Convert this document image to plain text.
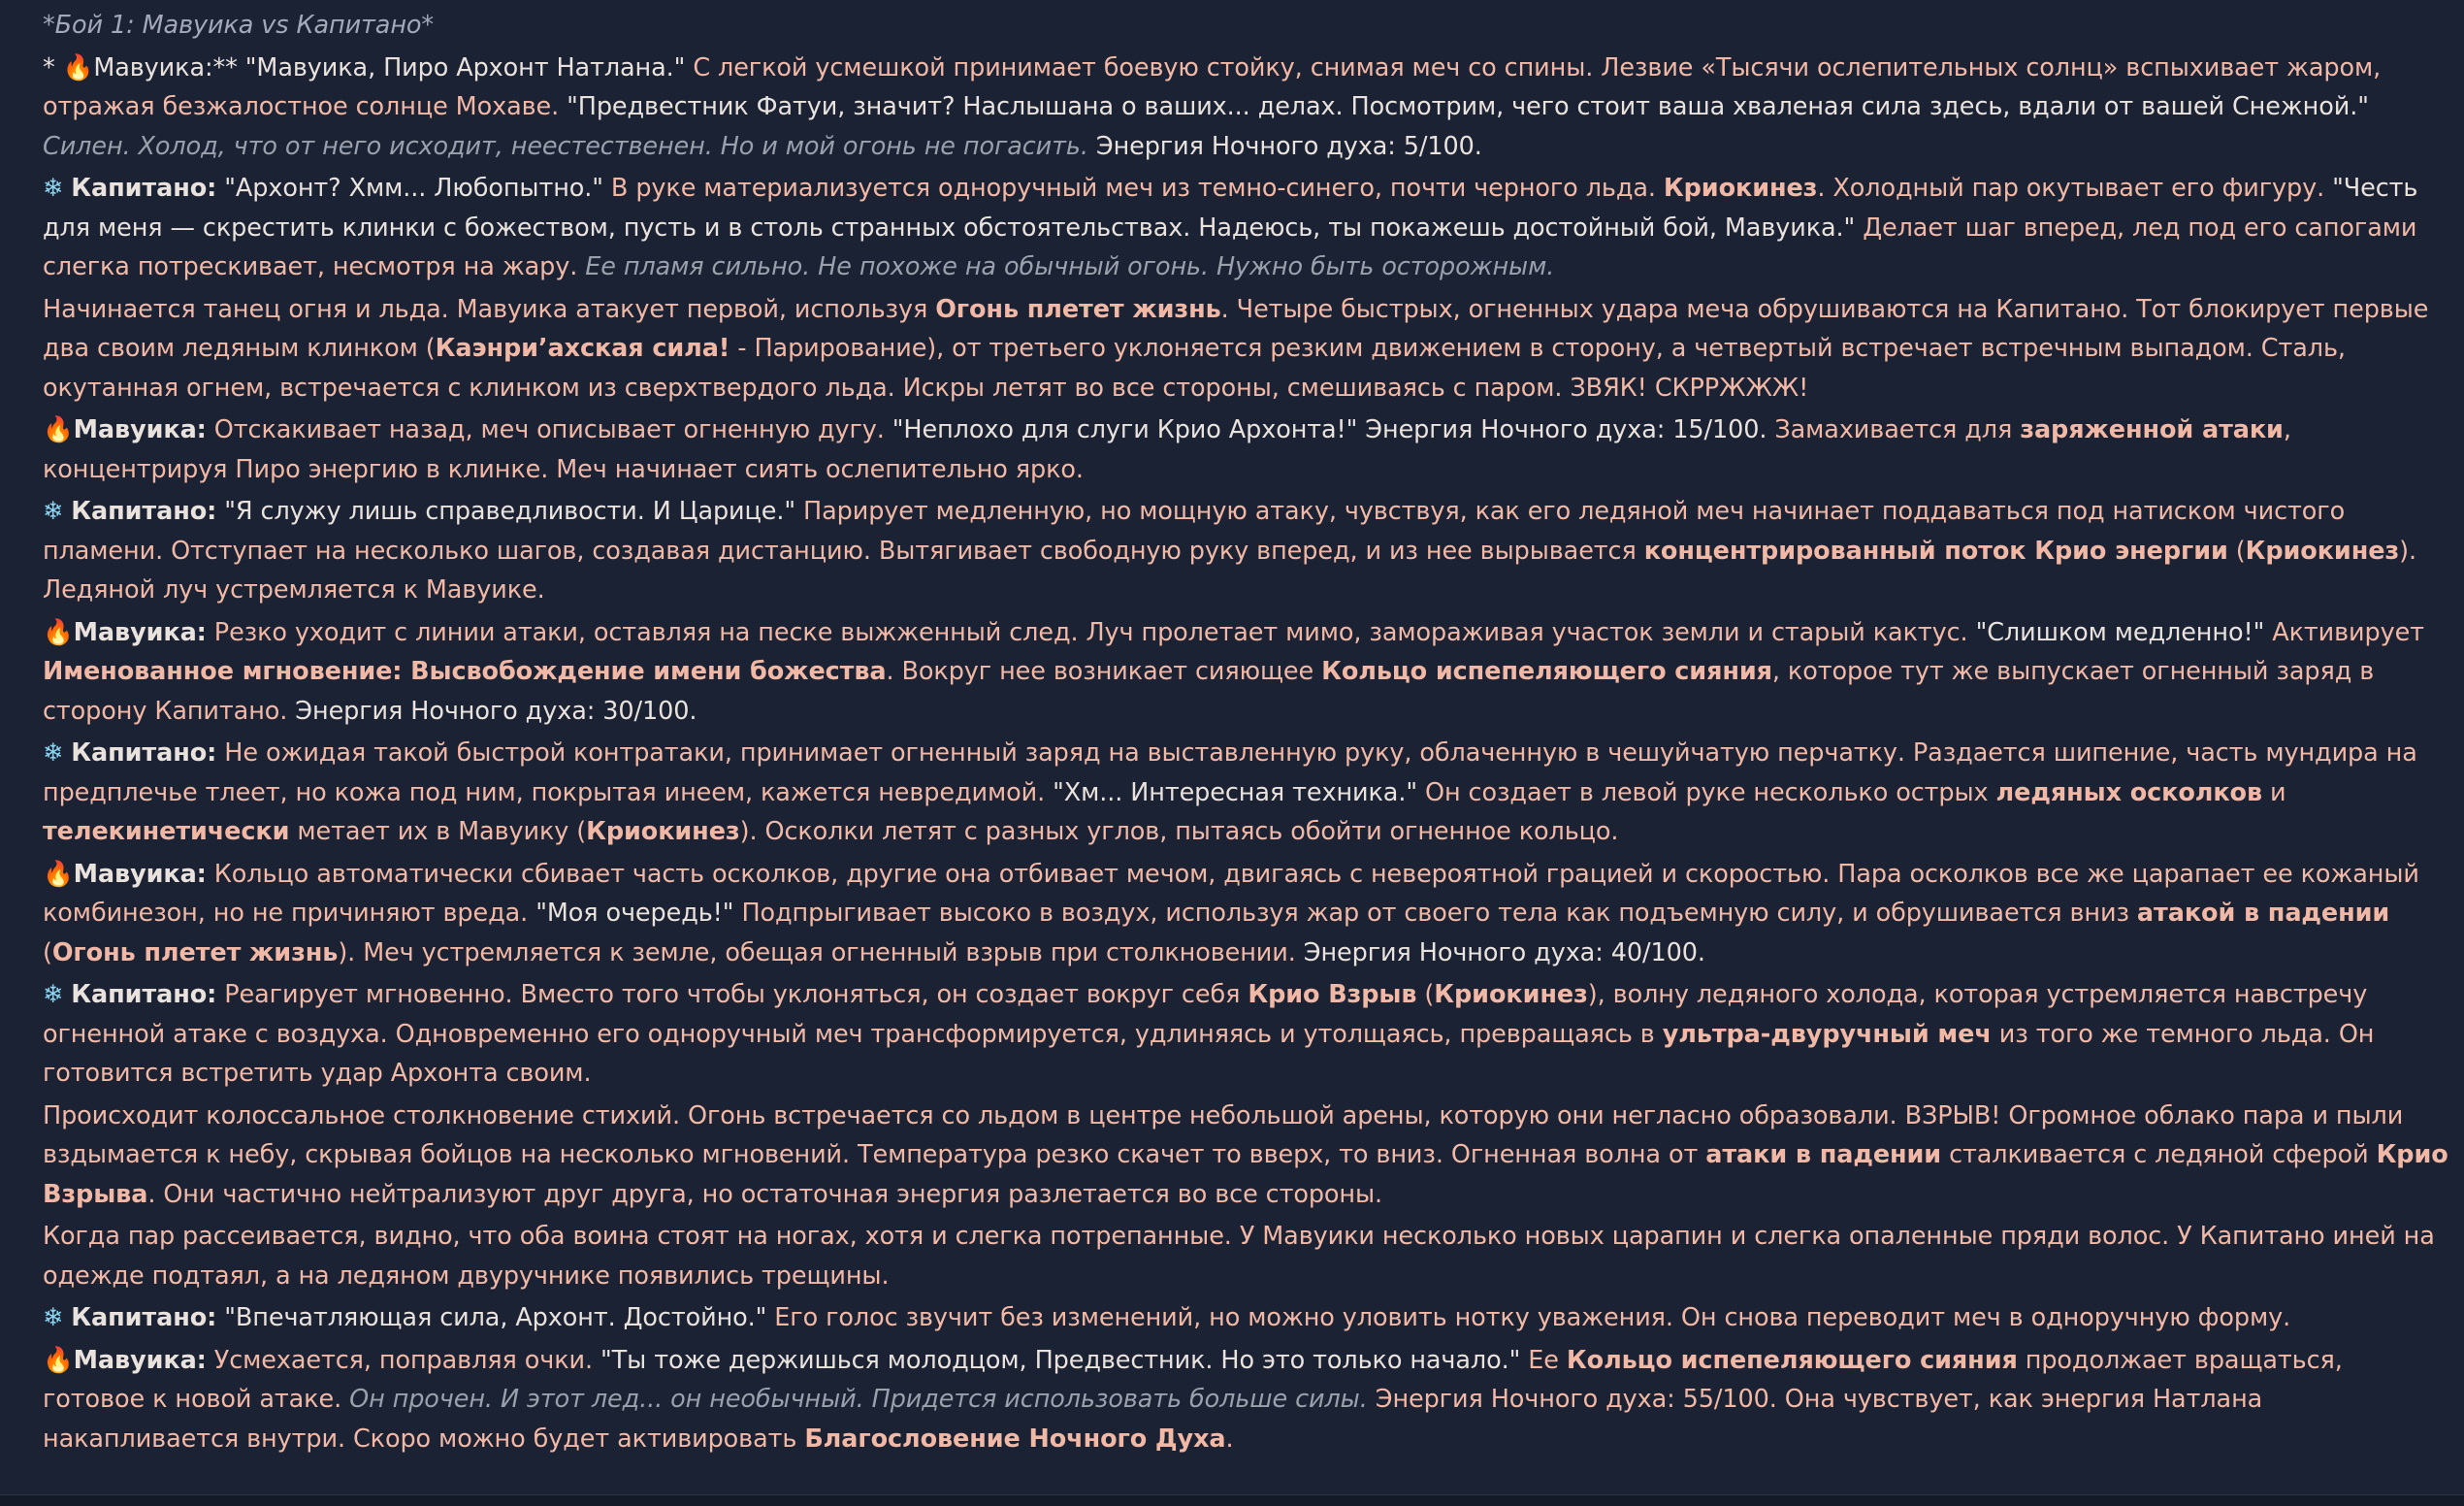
*Бой 1: Мавуика vs Капитано*

* 🔥Мавуика:** "Мавуика, Пиро Архонт Натлана." С легкой усмешкой принимает боевую стойку, снимая меч со спины. Лезвие «Тысячи ослепительных солнц» вспыхивает жаром, отражая безжалостное солнце Мохаве. "Предвестник Фатуи, значит? Наслышана о ваших... делах. Посмотрим, чего стоит ваша хваленая сила здесь, вдали от вашей Снежной." Силен. Холод, что от него исходит, неестественен. Но и мой огонь не погасить. Энергия Ночного духа: 5/100.

❄ Капитано: "Архонт? Хмм... Любопытно." В руке материализуется одноручный меч из темно-синего, почти черного льда. Криокинез. Холодный пар окутывает его фигуру. "Честь для меня — скрестить клинки с божеством, пусть и в столь странных обстоятельствах. Надеюсь, ты покажешь достойный бой, Мавуика." Делает шаг вперед, лед под его сапогами слегка потрескивает, несмотря на жару. Ее пламя сильно. Не похоже на обычный огонь. Нужно быть осторожным.

Начинается танец огня и льда. Мавуика атакует первой, используя Огонь плетет жизнь. Четыре быстрых, огненных удара меча обрушиваются на Капитано. Тот блокирует первые два своим ледяным клинком (Каэнри’ахская сила! - Парирование), от третьего уклоняется резким движением в сторону, а четвертый встречает встречным выпадом. Сталь, окутанная огнем, встречается с клинком из сверхтвердого льда. Искры летят во все стороны, смешиваясь с паром. ЗВЯК! СКРРЖЖЖ!

🔥Мавуика: Отскакивает назад, меч описывает огненную дугу. "Неплохо для слуги Крио Архонта!" Энергия Ночного духа: 15/100. Замахивается для заряженной атаки, концентрируя Пиро энергию в клинке. Меч начинает сиять ослепительно ярко.

❄ Капитано: "Я служу лишь справедливости. И Царице." Парирует медленную, но мощную атаку, чувствуя, как его ледяной меч начинает поддаваться под натиском чистого пламени. Отступает на несколько шагов, создавая дистанцию. Вытягивает свободную руку вперед, и из нее вырывается концентрированный поток Крио энергии (Криокинез). Ледяной луч устремляется к Мавуике.

🔥Мавуика: Резко уходит с линии атаки, оставляя на песке выжженный след. Луч пролетает мимо, замораживая участок земли и старый кактус. "Слишком медленно!" Активирует Именованное мгновение: Высвобождение имени божества. Вокруг нее возникает сияющее Кольцо испепеляющего сияния, которое тут же выпускает огненный заряд в сторону Капитано. Энергия Ночного духа: 30/100.

❄ Капитано: Не ожидая такой быстрой контратаки, принимает огненный заряд на выставленную руку, облаченную в чешуйчатую перчатку. Раздается шипение, часть мундира на предплечье тлеет, но кожа под ним, покрытая инеем, кажется невредимой. "Хм... Интересная техника." Он создает в левой руке несколько острых ледяных осколков и телекинетически метает их в Мавуику (Криокинез). Осколки летят с разных углов, пытаясь обойти огненное кольцо.

🔥Мавуика: Кольцо автоматически сбивает часть осколков, другие она отбивает мечом, двигаясь с невероятной грацией и скоростью. Пара осколков все же царапает ее кожаный комбинезон, но не причиняют вреда. "Моя очередь!" Подпрыгивает высоко в воздух, используя жар от своего тела как подъемную силу, и обрушивается вниз атакой в падении (Огонь плетет жизнь). Меч устремляется к земле, обещая огненный взрыв при столкновении. Энергия Ночного духа: 40/100.

❄ Капитано: Реагирует мгновенно. Вместо того чтобы уклоняться, он создает вокруг себя Крио Взрыв (Криокинез), волну ледяного холода, которая устремляется навстречу огненной атаке с воздуха. Одновременно его одноручный меч трансформируется, удлиняясь и утолщаясь, превращаясь в ультра-двуручный меч из того же темного льда. Он готовится встретить удар Архонта своим.

Происходит колоссальное столкновение стихий. Огонь встречается со льдом в центре небольшой арены, которую они негласно образовали. ВЗРЫВ! Огромное облако пара и пыли вздымается к небу, скрывая бойцов на несколько мгновений. Температура резко скачет то вверх, то вниз. Огненная волна от атаки в падении сталкивается с ледяной сферой Крио Взрыва. Они частично нейтрализуют друг друга, но остаточная энергия разлетается во все стороны.

Когда пар рассеивается, видно, что оба воина стоят на ногах, хотя и слегка потрепанные. У Мавуики несколько новых царапин и слегка опаленные пряди волос. У Капитано иней на одежде подтаял, а на ледяном двуручнике появились трещины.

❄ Капитано: "Впечатляющая сила, Архонт. Достойно." Его голос звучит без изменений, но можно уловить нотку уважения. Он снова переводит меч в одноручную форму.

🔥Мавуика: Усмехается, поправляя очки. "Ты тоже держишься молодцом, Предвестник. Но это только начало." Ее Кольцо испепеляющего сияния продолжает вращаться, готовое к новой атаке. Он прочен. И этот лед... он необычный. Придется использовать больше силы. Энергия Ночного духа: 55/100. Она чувствует, как энергия Натлана накапливается внутри. Скоро можно будет активировать Благословение Ночного Духа.
